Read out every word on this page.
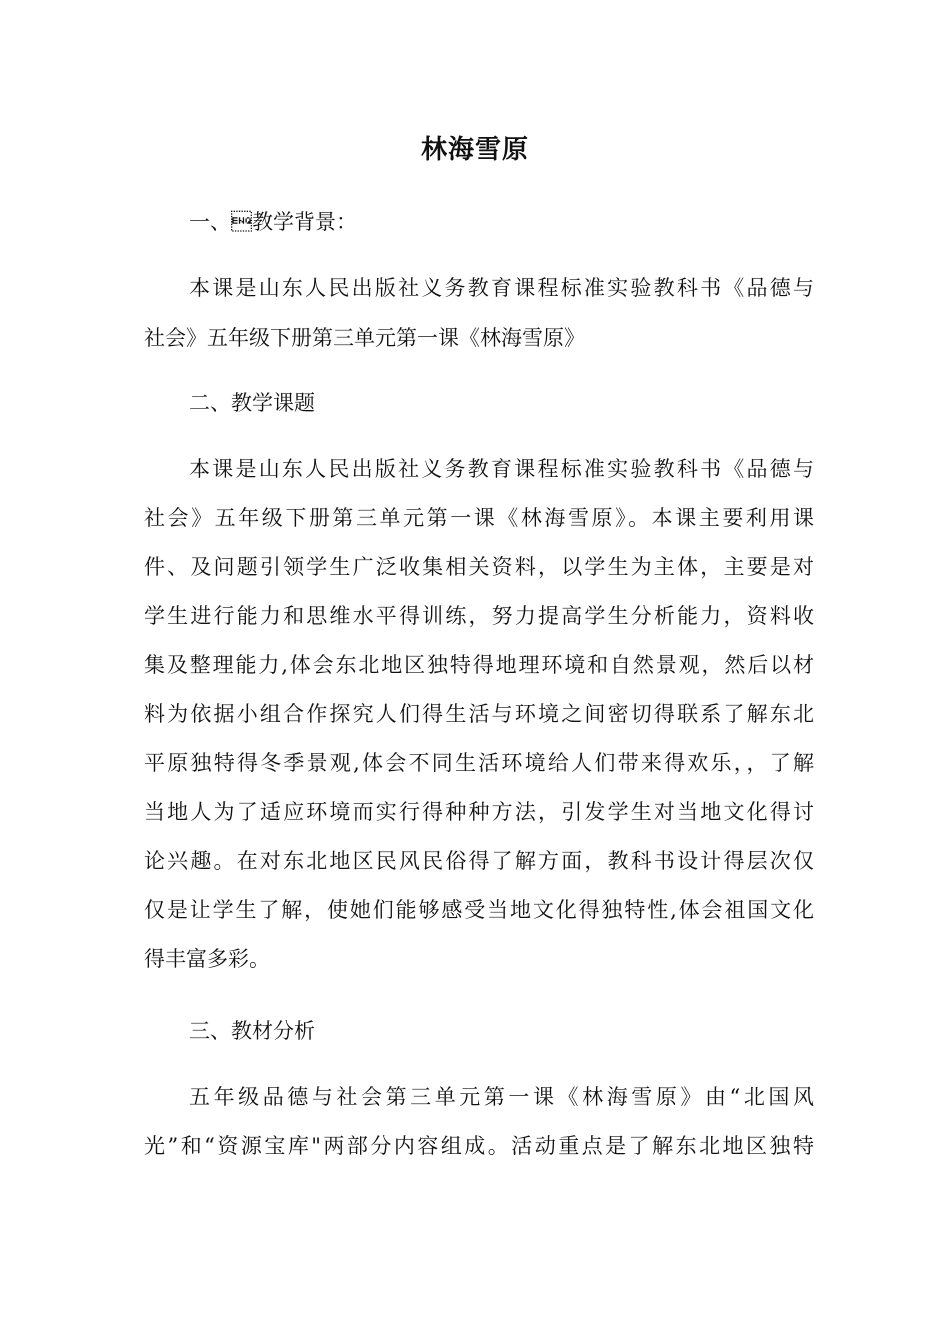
林海雪原
一、教学背景：
本课是山东人民出版社义务教育课程标准实验教科书《品德与
社会》五年级下册第三单元第一课《林海雪原》
二、教学课题
本课是山东人民出版社义务教育课程标准实验教科书《品德与
社会》五年级下册第三单元第一课《林海雪原》。本课主要利用课
件、及问题引领学生广泛收集相关资料，以学生为主体，主要是对
学生进行能力和思维水平得训练，努力提高学生分析能力，资料收
集及整理能力,体会东北地区独特得地理环境和自然景观，然后以材
料为依据小组合作探究人们得生活与环境之间密切得联系了解东北
平原独特得冬季景观,体会不同生活环境给人们带来得欢乐，，了解
当地人为了适应环境而实行得种种方法，引发学生对当地文化得讨
论兴趣。在对东北地区民风民俗得了解方面，教科书设计得层次仅
仅是让学生了解，使她们能够感受当地文化得独特性,体会祖国文化
得丰富多彩。
三、教材分析
五年级品德与社会第三单元第一课《林海雪原》由“北国风
光”和“资源宝库"两部分内容组成。活动重点是了解东北地区独特
